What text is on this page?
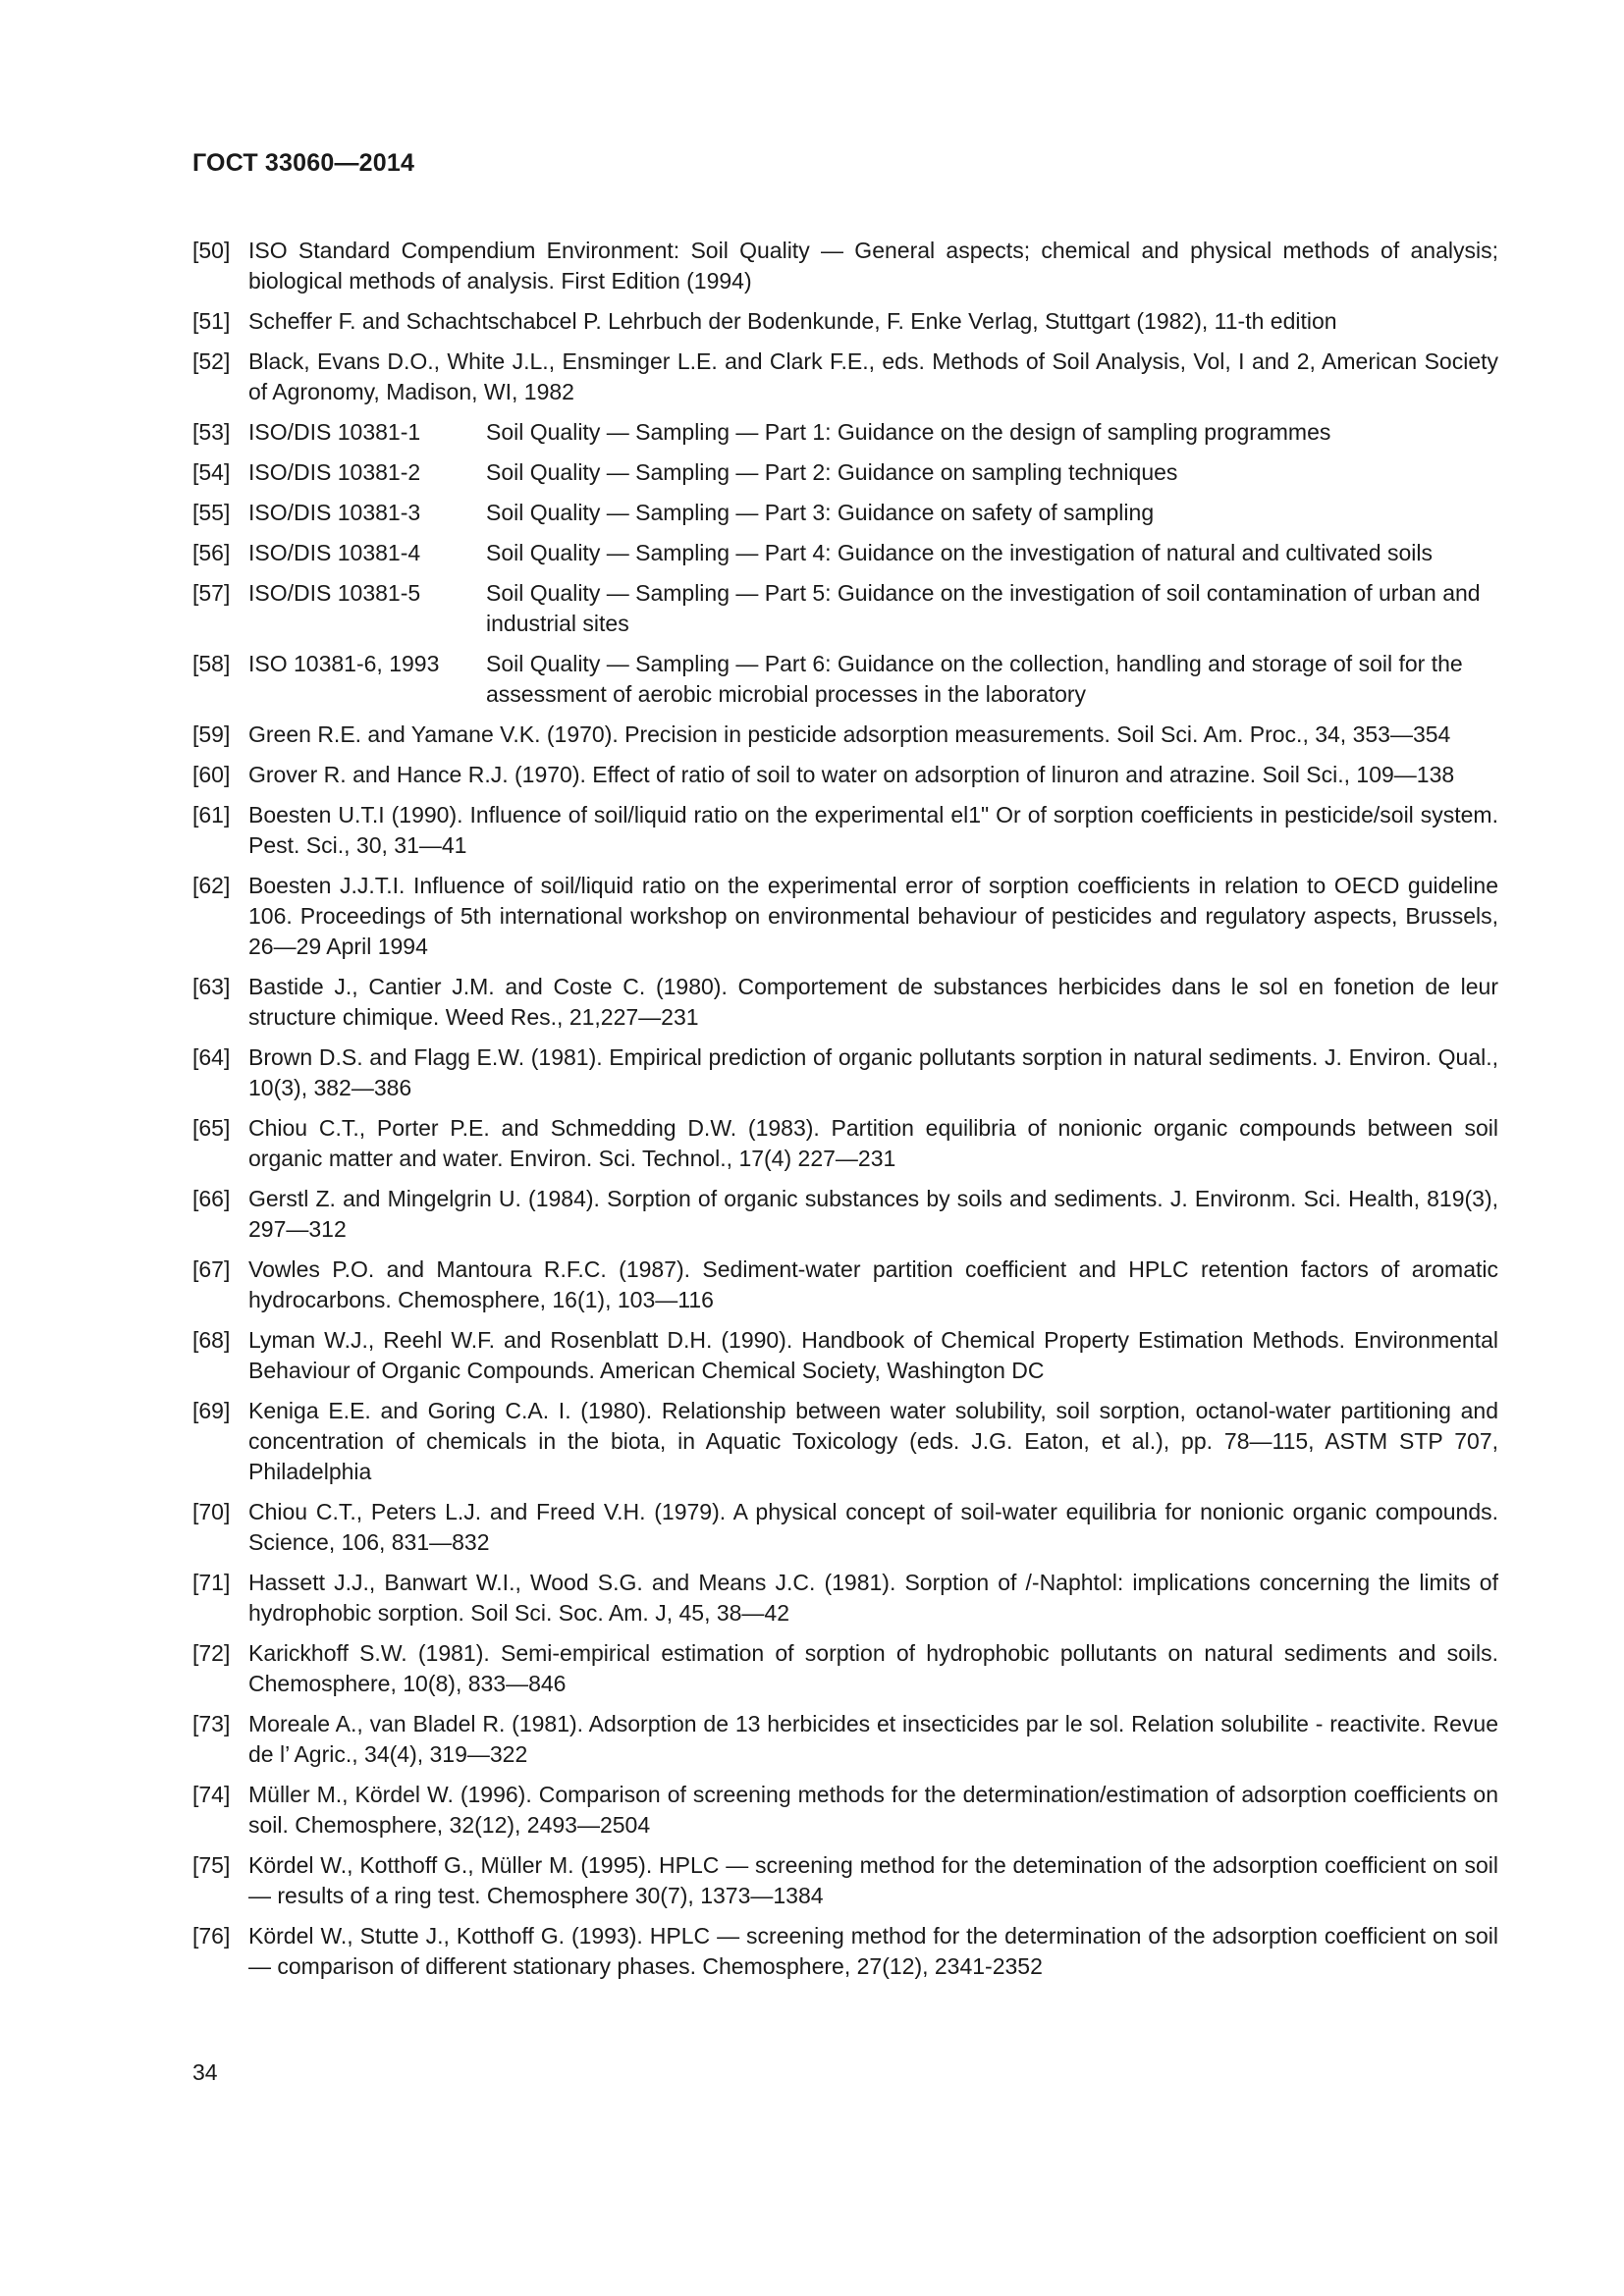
ГОСТ 33060—2014
[50] ISO Standard Compendium Environment: Soil Quality — General aspects; chemical and physical methods of analysis; biological methods of analysis. First Edition (1994)
[51] Scheffer F. and Schachtschabcel P. Lehrbuch der Bodenkunde, F. Enke Verlag, Stuttgart (1982), 11-th edition
[52] Black, Evans D.O., White J.L., Ensminger L.E. and Clark F.E., eds. Methods of Soil Analysis, Vol, I and 2, American Society of Agronomy, Madison, WI, 1982
[53] ISO/DIS 10381-1	Soil Quality — Sampling — Part 1: Guidance on the design of sampling programmes
[54] ISO/DIS 10381-2	Soil Quality — Sampling — Part 2: Guidance on sampling techniques
[55] ISO/DIS 10381-3	Soil Quality — Sampling — Part 3: Guidance on safety of sampling
[56] ISO/DIS 10381-4	Soil Quality — Sampling — Part 4: Guidance on the investigation of natural and cultivated soils
[57] ISO/DIS 10381-5	Soil Quality — Sampling — Part 5: Guidance on the investigation of soil contamination of urban and industrial sites
[58] ISO 10381-6, 1993	Soil Quality — Sampling — Part 6: Guidance on the collection, handling and storage of soil for the assessment of aerobic microbial processes in the laboratory
[59] Green R.E. and Yamane V.K. (1970). Precision in pesticide adsorption measurements. Soil Sci. Am. Proc., 34, 353—354
[60] Grover R. and Hance R.J. (1970). Effect of ratio of soil to water on adsorption of linuron and atrazine. Soil Sci., 109—138
[61] Boesten U.T.I (1990). Influence of soil/liquid ratio on the experimental el1" Or of sorption coefficients in pesticide/soil system. Pest. Sci., 30, 31—41
[62] Boesten J.J.T.I. Influence of soil/liquid ratio on the experimental error of sorption coefficients in relation to OECD guideline 106. Proceedings of 5th international workshop on environmental behaviour of pesticides and regulatory aspects, Brussels, 26—29 April 1994
[63] Bastide J., Cantier J.M. and Coste C. (1980). Comportement de substances herbicides dans le sol en fonetion de leur structure chimique. Weed Res., 21,227—231
[64] Brown D.S. and Flagg E.W. (1981). Empirical prediction of organic pollutants sorption in natural sediments. J. Environ. Qual., 10(3), 382—386
[65] Chiou C.T., Porter P.E. and Schmedding D.W. (1983). Partition equilibria of nonionic organic compounds between soil organic matter and water. Environ. Sci. Technol., 17(4) 227—231
[66] Gerstl Z. and Mingelgrin U. (1984). Sorption of organic substances by soils and sediments. J. Environm. Sci. Health, 819(3), 297—312
[67] Vowles P.O. and Mantoura R.F.C. (1987). Sediment-water partition coefficient and HPLC retention factors of aromatic hydrocarbons. Chemosphere, 16(1), 103—116
[68] Lyman W.J., Reehl W.F. and Rosenblatt D.H. (1990). Handbook of Chemical Property Estimation Methods. Environmental Behaviour of Organic Compounds. American Chemical Society, Washington DC
[69] Keniga E.E. and Goring C.A. I. (1980). Relationship between water solubility, soil sorption, octanol-water partitioning and concentration of chemicals in the biota, in Aquatic Toxicology (eds. J.G. Eaton, et al.), pp. 78—115, ASTM STP 707, Philadelphia
[70] Chiou C.T., Peters L.J. and Freed V.H. (1979). A physical concept of soil-water equilibria for nonionic organic compounds. Science, 106, 831—832
[71] Hassett J.J., Banwart W.I., Wood S.G. and Means J.C. (1981). Sorption of /-Naphtol: implications concerning the limits of hydrophobic sorption. Soil Sci. Soc. Am. J, 45, 38—42
[72] Karickhoff S.W. (1981). Semi-empirical estimation of sorption of hydrophobic pollutants on natural sediments and soils. Chemosphere, 10(8), 833—846
[73] Moreale A., van Bladel R. (1981). Adsorption de 13 herbicides et insecticides par le sol. Relation solubilite - reactivite. Revue de l’ Agric., 34(4), 319—322
[74] Müller M., Kördel W. (1996). Comparison of screening methods for the determination/estimation of adsorption coefficients on soil. Chemosphere, 32(12), 2493—2504
[75] Kördel W., Kotthoff G., Müller M. (1995). HPLC — screening method for the detemination of the adsorption coefficient on soil — results of a ring test. Chemosphere 30(7), 1373—1384
[76] Kördel W., Stutte J., Kotthoff G. (1993). HPLC — screening method for the determination of the adsorption coefficient on soil — comparison of different stationary phases. Chemosphere, 27(12), 2341-2352
34
